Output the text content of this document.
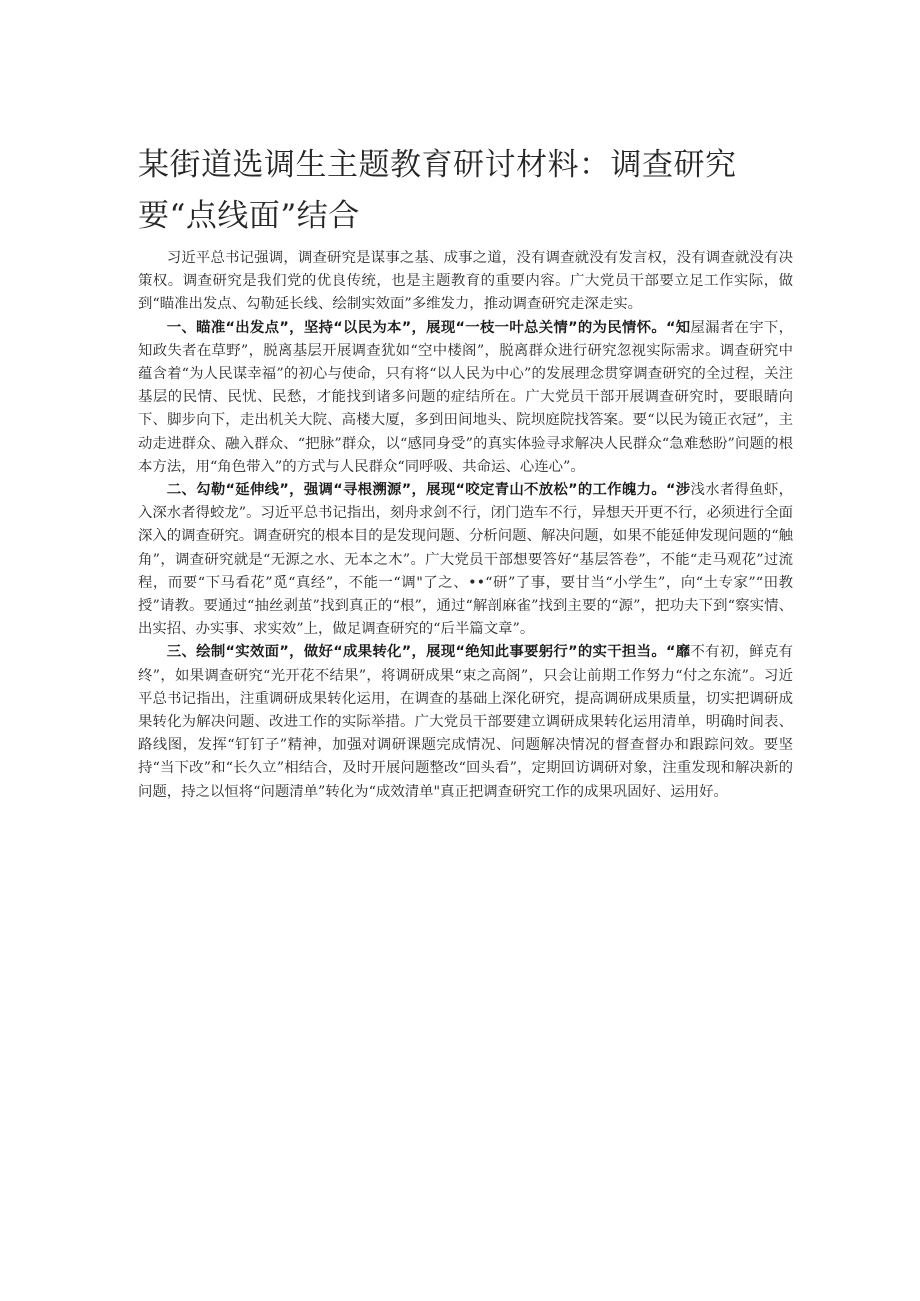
某街道选调生主题教育研讨材料：调查研究要“点线面”结合

习近平总书记强调，调查研究是谋事之基、成事之道，没有调查就没有发言权，没有调查就没有决策权。调查研究是我们党的优良传统，也是主题教育的重要内容。广大党员干部要立足工作实际，做到“瞄准出发点、勾勒延长线、绘制实效面”多维发力，推动调查研究走深走实。

一、瞄准“出发点”，坚持“以民为本”，展现“一枝一叶总关情”的为民情怀。“知屋漏者在宇下，知政失者在草野”，脱离基层开展调查犹如“空中楼阁”，脱离群众进行研究忽视实际需求。调查研究中蕴含着“为人民谋幸福”的初心与使命，只有将“以人民为中心”的发展理念贯穿调查研究的全过程，关注基层的民情、民忧、民愁，才能找到诸多问题的症结所在。广大党员干部开展调查研究时，要眼睛向下、脚步向下，走出机关大院、高楼大厦，多到田间地头、院坝庭院找答案。要“以民为镜正衣冠”，主动走进群众、融入群众、“把脉”群众，以“感同身受”的真实体验寻求解决人民群众“急难愁盼”问题的根本方法，用“角色带入”的方式与人民群众“同呼吸、共命运、心连心”。

二、勾勒“延伸线”，强调“寻根溯源”，展现“咬定青山不放松”的工作魄力。“涉浅水者得鱼虾，入深水者得蛟龙”。习近平总书记指出，刻舟求剑不行，闭门造车不行，异想天开更不行，必须进行全面深入的调查研究。调查研究的根本目的是发现问题、分析问题、解决问题，如果不能延伸发现问题的“触角”，调查研究就是“无源之水、无本之木”。广大党员干部想要答好“基层答卷”，不能“走马观花”过流程，而要“下马看花”觅“真经”，不能一“调"了之、••“研”了事，要甘当“小学生”，向“土专家”“田教授”请教。要通过“抽丝剥茧”找到真正的“根”，通过“解剖麻雀”找到主要的“源”，把功夫下到“察实情、出实招、办实事、求实效”上，做足调查研究的“后半篇文章”。

三、绘制“实效面”，做好“成果转化”，展现“绝知此事要躬行”的实干担当。“靡不有初，鲜克有终”，如果调查研究“光开花不结果”，将调研成果“束之高阁”，只会让前期工作努力“付之东流”。习近平总书记指出，注重调研成果转化运用，在调查的基础上深化研究，提高调研成果质量，切实把调研成果转化为解决问题、改进工作的实际举措。广大党员干部要建立调研成果转化运用清单，明确时间表、路线图，发挥“钉钉子”精神，加强对调研课题完成情况、问题解决情况的督查督办和跟踪问效。要坚持“当下改”和“长久立”相结合，及时开展问题整改“回头看”，定期回访调研对象，注重发现和解决新的问题，持之以恒将“问题清单”转化为“成效清单"真正把调查研究工作的成果巩固好、运用好。
